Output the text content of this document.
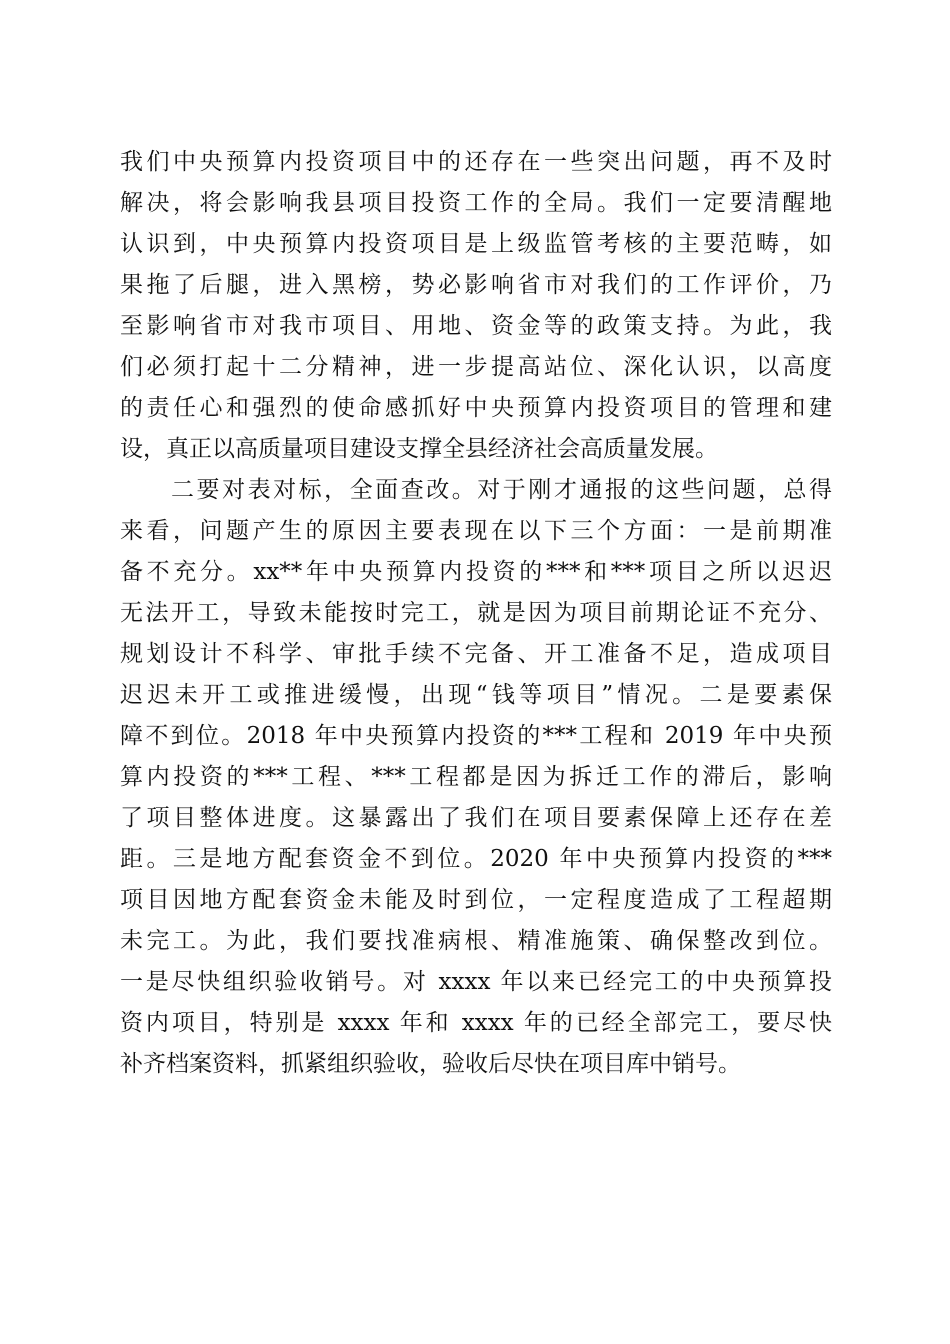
我们中央预算内投资项目中的还存在一些突出问题，再不及时
解决，将会影响我县项目投资工作的全局。我们一定要清醒地
认识到，中央预算内投资项目是上级监管考核的主要范畴，如
果拖了后腿，进入黑榜，势必影响省市对我们的工作评价，乃
至影响省市对我市项目、用地、资金等的政策支持。为此，我
们必须打起十二分精神，进一步提高站位、深化认识，以高度
的责任心和强烈的使命感抓好中央预算内投资项目的管理和建
设，真正以高质量项目建设支撑全县经济社会高质量发展。
　　二要对表对标，全面查改。对于刚才通报的这些问题，总得
来看，问题产生的原因主要表现在以下三个方面：一是前期准
备不充分。xx**年中央预算内投资的***和***项目之所以迟迟
无法开工，导致未能按时完工，就是因为项目前期论证不充分、
规划设计不科学、审批手续不完备、开工准备不足，造成项目
迟迟未开工或推进缓慢，出现“钱等项目”情况。二是要素保
障不到位。2018 年中央预算内投资的***工程和 2019 年中央预
算内投资的***工程、***工程都是因为拆迁工作的滞后，影响
了项目整体进度。这暴露出了我们在项目要素保障上还存在差
距。三是地方配套资金不到位。2020 年中央预算内投资的***
项目因地方配套资金未能及时到位，一定程度造成了工程超期
未完工。为此，我们要找准病根、精准施策、确保整改到位。
一是尽快组织验收销号。对 xxxx 年以来已经完工的中央预算投
资内项目，特别是 xxxx 年和 xxxx 年的已经全部完工，要尽快
补齐档案资料，抓紧组织验收，验收后尽快在项目库中销号。
